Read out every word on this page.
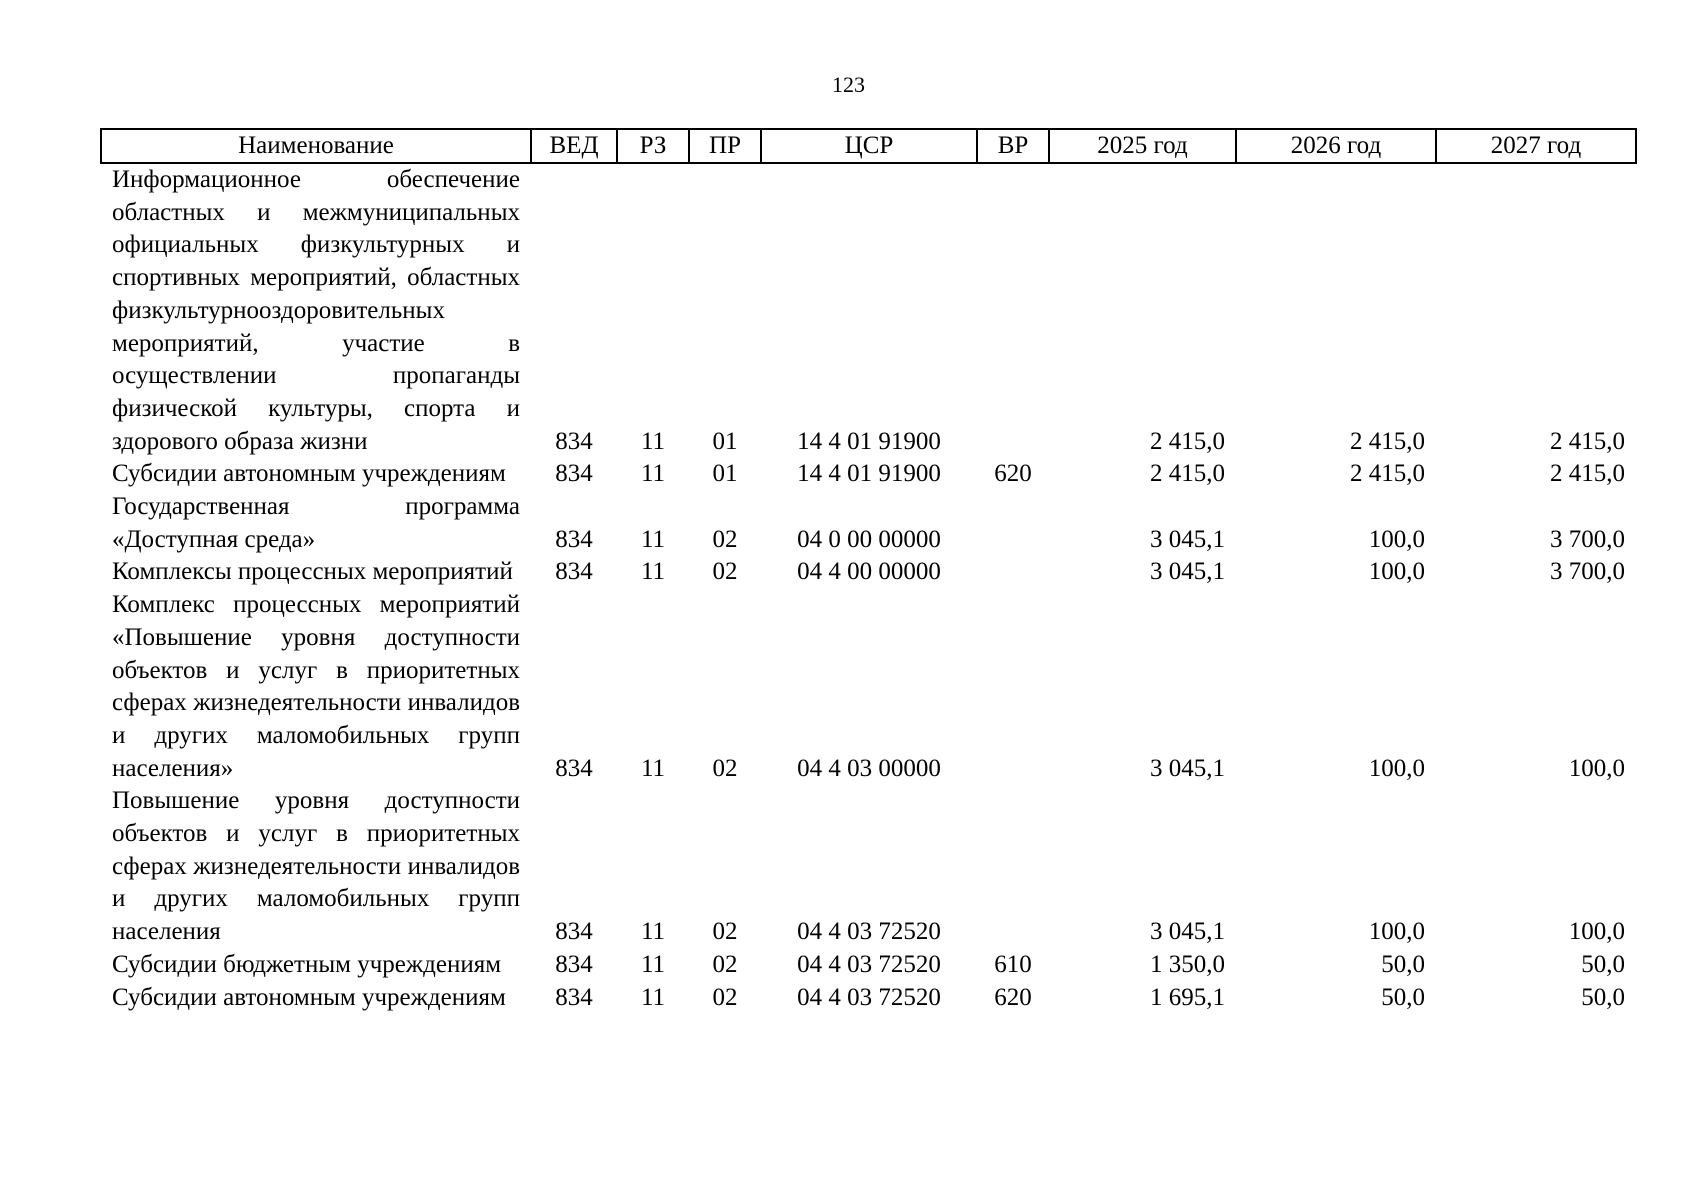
123
Наименование	ВЕД	РЗ	ПР	ЦСР	ВР	2025 год	2026 год	2027 год
Информационное обеспечение областных и межмуниципальных официальных физкультурных и спортивных мероприятий, областных физкультурнооздоровительных мероприятий, участие в осуществлении пропаганды физической культуры, спорта и здорового образа жизни	834	11	01	14 4 01 91900		2 415,0	2 415,0	2 415,0
Субсидии автономным учреждениям	834	11	01	14 4 01 91900	620	2 415,0	2 415,0	2 415,0
Государственная программа «Доступная среда»	834	11	02	04 0 00 00000		3 045,1	100,0	3 700,0
Комплексы процессных мероприятий	834	11	02	04 4 00 00000		3 045,1	100,0	3 700,0
Комплекс процессных мероприятий «Повышение уровня доступности объектов и услуг в приоритетных сферах жизнедеятельности инвалидов и других маломобильных групп населения»	834	11	02	04 4 03 00000		3 045,1	100,0	100,0
Повышение уровня доступности объектов и услуг в приоритетных сферах жизнедеятельности инвалидов и других маломобильных групп населения	834	11	02	04 4 03 72520		3 045,1	100,0	100,0
Субсидии бюджетным учреждениям	834	11	02	04 4 03 72520	610	1 350,0	50,0	50,0
Субсидии автономным учреждениям	834	11	02	04 4 03 72520	620	1 695,1	50,0	50,0
